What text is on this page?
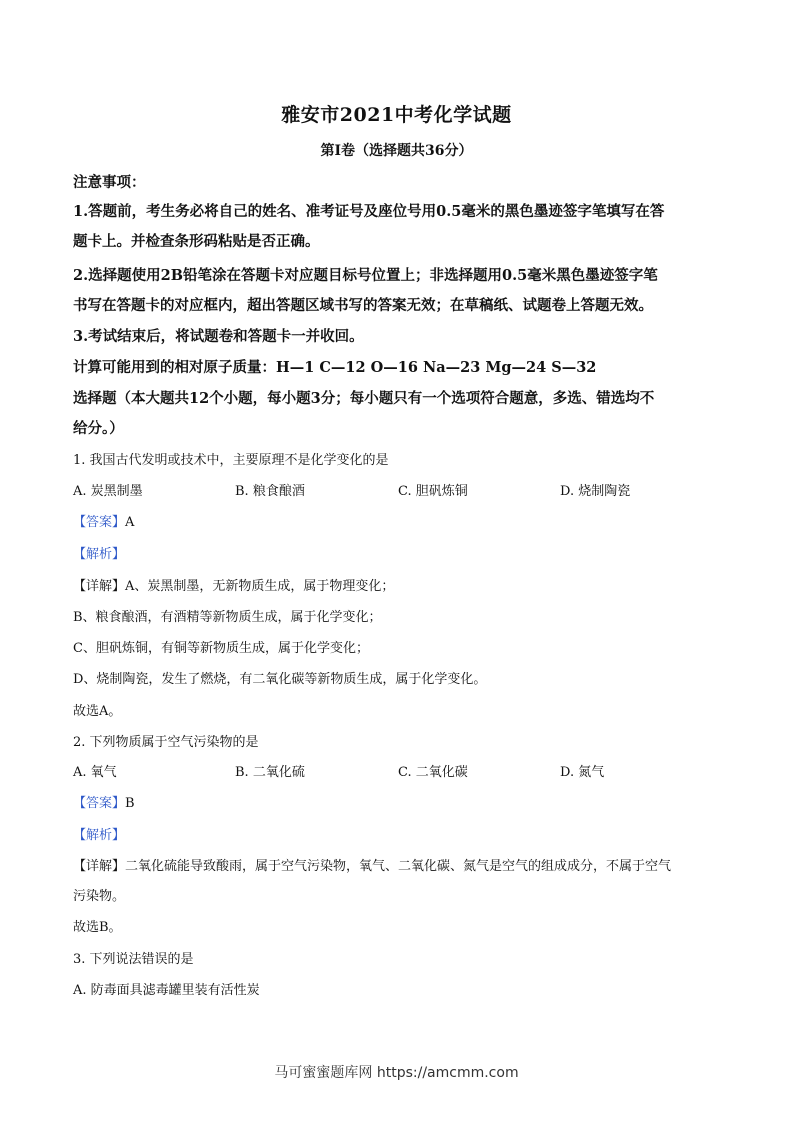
雅安市2021中考化学试题
第Ⅰ卷（选择题共36分）
注意事项：
1.答题前，考生务必将自己的姓名、准考证号及座位号用0.5毫米的黑色墨迹签字笔填写在答
题卡上。并检查条形码粘贴是否正确。
2.选择题使用2B铅笔涂在答题卡对应题目标号位置上；非选择题用0.5毫米黑色墨迹签字笔
书写在答题卡的对应框内，超出答题区域书写的答案无效；在草稿纸、试题卷上答题无效。
3.考试结束后，将试题卷和答题卡一并收回。
计算可能用到的相对原子质量：H—1 C—12 O—16 Na—23 Mg—24 S—32
选择题（本大题共12个小题，每小题3分；每小题只有一个选项符合题意，多选、错选均不
给分。）
1. 我国古代发明或技术中，主要原理不是化学变化的是
A. 炭黑制墨	B. 粮食酿酒	C. 胆矾炼铜	D. 烧制陶瓷
【答案】A
【解析】
【详解】A、炭黑制墨，无新物质生成，属于物理变化；
B、粮食酿酒，有酒精等新物质生成，属于化学变化；
C、胆矾炼铜，有铜等新物质生成，属于化学变化；
D、烧制陶瓷，发生了燃烧，有二氧化碳等新物质生成，属于化学变化。
故选A。
2. 下列物质属于空气污染物的是
A. 氧气	B. 二氧化硫	C. 二氧化碳	D. 氮气
【答案】B
【解析】
【详解】二氧化硫能导致酸雨，属于空气污染物，氧气、二氧化碳、氮气是空气的组成成分，不属于空气
污染物。
故选B。
3. 下列说法错误的是
A. 防毒面具滤毒罐里装有活性炭
马可蜜蜜题库网 https://amcmm.com
